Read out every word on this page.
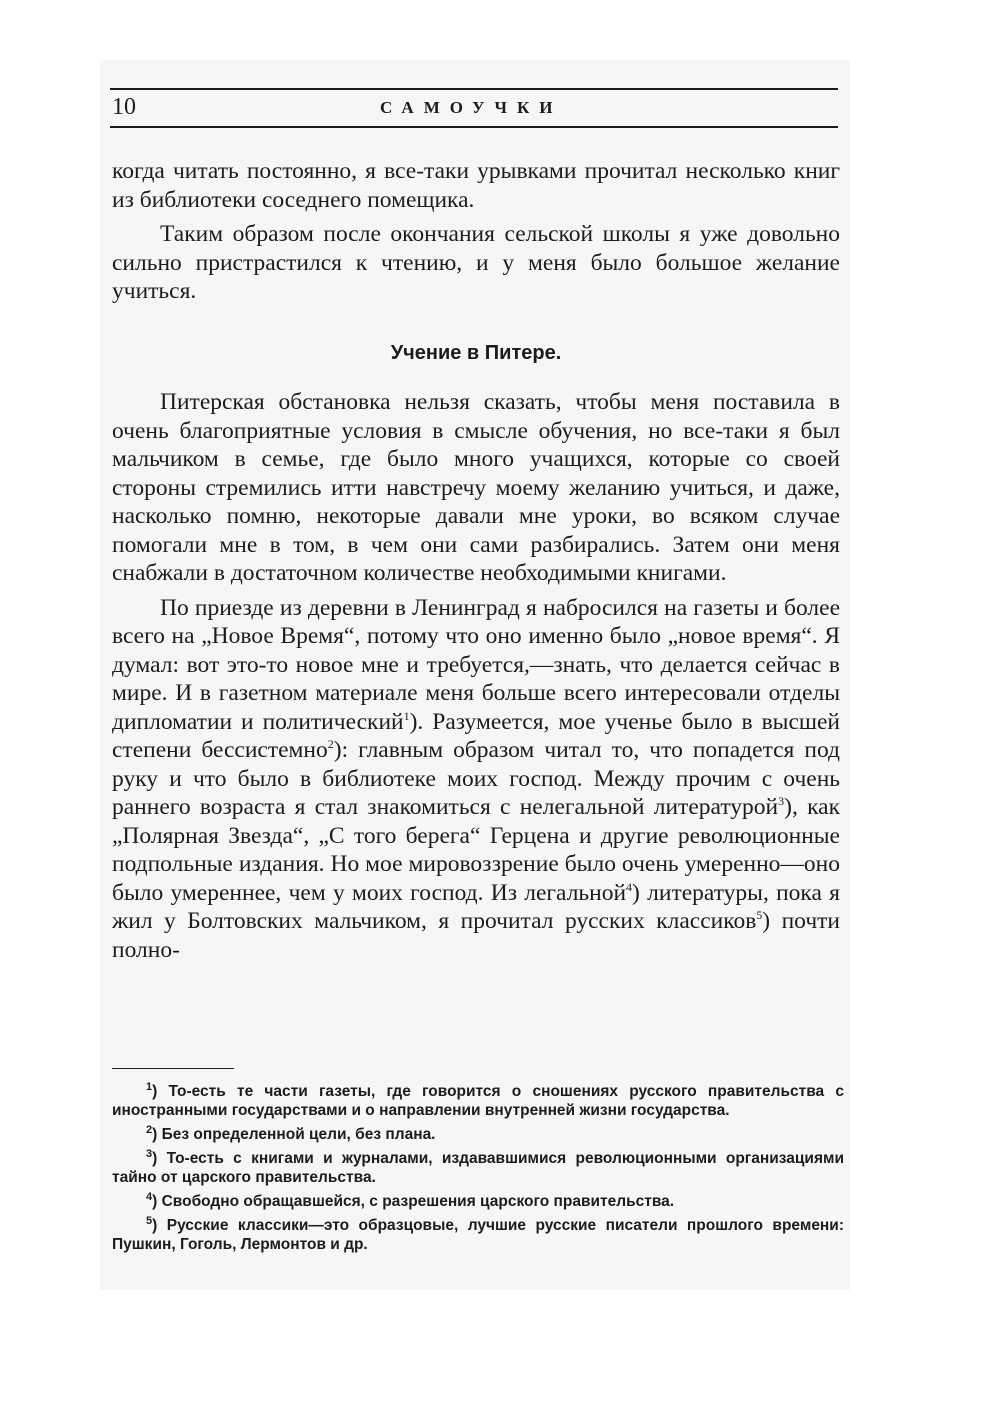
10	САМОУЧКИ

когда читать постоянно, я все-таки урывками прочитал несколько книг из библиотеки соседнего помещика.

Таким образом после окончания сельской школы я уже довольно сильно пристрастился к чтению, и у меня было большое желание учиться.

Учение в Питере.

Питерская обстановка нельзя сказать, чтобы меня поставила в очень благоприятные условия в смысле обучения, но все-таки я был мальчиком в семье, где было много учащихся, которые со своей стороны стремились итти навстречу моему желанию учиться, и даже, насколько помню, некоторые давали мне уроки, во всяком случае помогали мне в том, в чем они сами разбирались. Затем они меня снабжали в достаточном количестве необходимыми книгами.

По приезде из деревни в Ленинград я набросился на газеты и более всего на „Новое Время“, потому что оно именно было „новое время“. Я думал: вот это-то новое мне и требуется,—знать, что делается сейчас в мире. И в газетном материале меня больше всего интересовали отделы дипломатии и политический$^1$). Разумеется, мое ученье было в высшей степени бессистемно$^2$): главным образом читал то, что попадется под руку и что было в библиотеке моих господ. Между прочим с очень раннего возраста я стал знакомиться с нелегальной литературой$^3$), как „Полярная Звезда“, „С того берега“ Герцена и другие революционные подпольные издания. Но мое мировоззрение было очень умеренно—оно было умереннее, чем у моих господ. Из легальной$^4$) литературы, пока я жил у Болтовских мальчиком, я прочитал русских классиков$^5$) почти полно-

$^1$) То-есть те части газеты, где говорится о сношениях русского правительства с иностранными государствами и о направлении внутренней жизни государства.

$^2$) Без определенной цели, без плана.

$^3$) То-есть с книгами и журналами, издававшимися революционными организациями тайно от царского правительства.

$^4$) Свободно обращавшейся, с разрешения царского правительства.

$^5$) Русские классики—это образцовые, лучшие русские писатели прошлого времени: Пушкин, Гоголь, Лермонтов и др.
